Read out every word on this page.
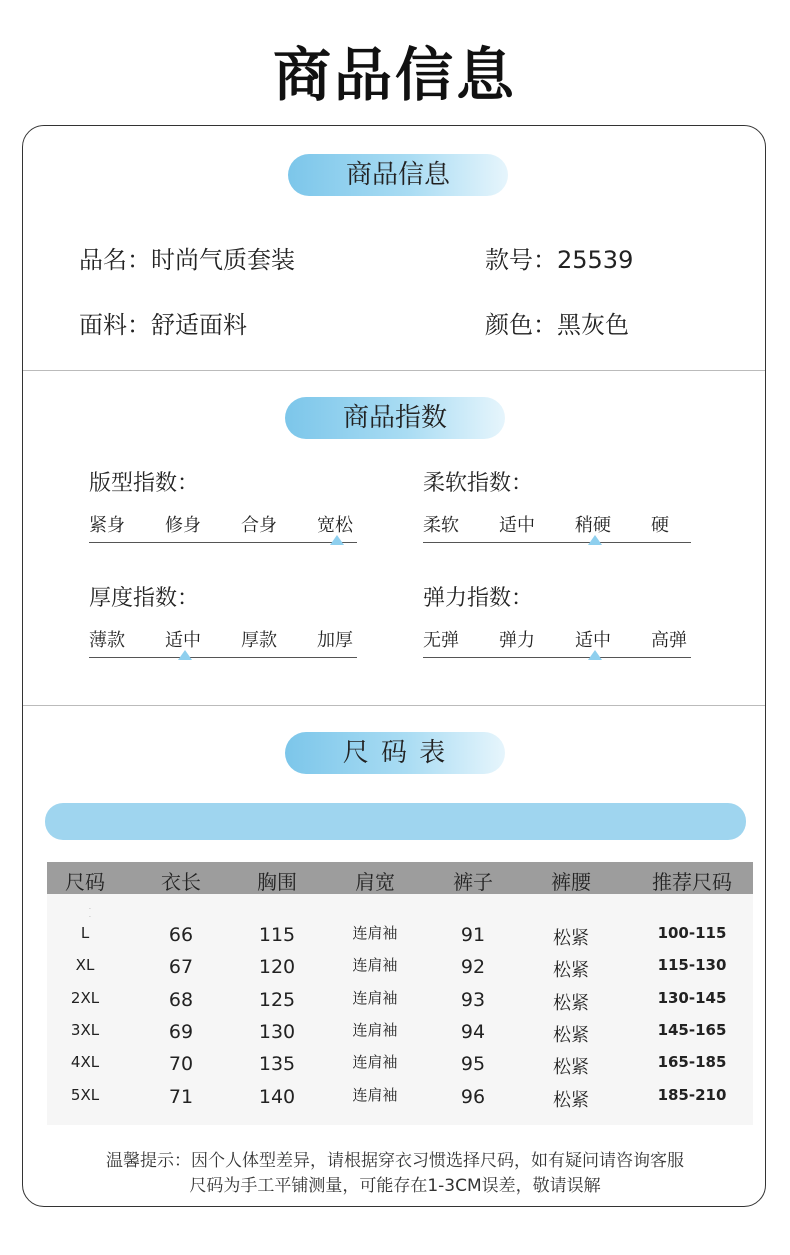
商品信息
商品信息
品名：时尚气质套装	款号：25539
面料：舒适面料	颜色：黑灰色
商品指数
版型指数：
紧身 修身 合身 宽松
柔软指数：
柔软 适中 稍硬 硬
厚度指数：
薄款 适中 厚款 加厚
弹力指数：
无弹 弹力 适中 高弹
尺 码 表
尺码	衣长	胸围	肩宽	裤子	裤腰	推荐尺码
·
·
L	66	115	连肩袖	91	松紧	100-115
XL	67	120	连肩袖	92	松紧	115-130
2XL	68	125	连肩袖	93	松紧	130-145
3XL	69	130	连肩袖	94	松紧	145-165
4XL	70	135	连肩袖	95	松紧	165-185
5XL	71	140	连肩袖	96	松紧	185-210
温馨提示：因个人体型差异，请根据穿衣习惯选择尺码，如有疑问请咨询客服
尺码为手工平铺测量，可能存在1-3CM误差，敬请误解
